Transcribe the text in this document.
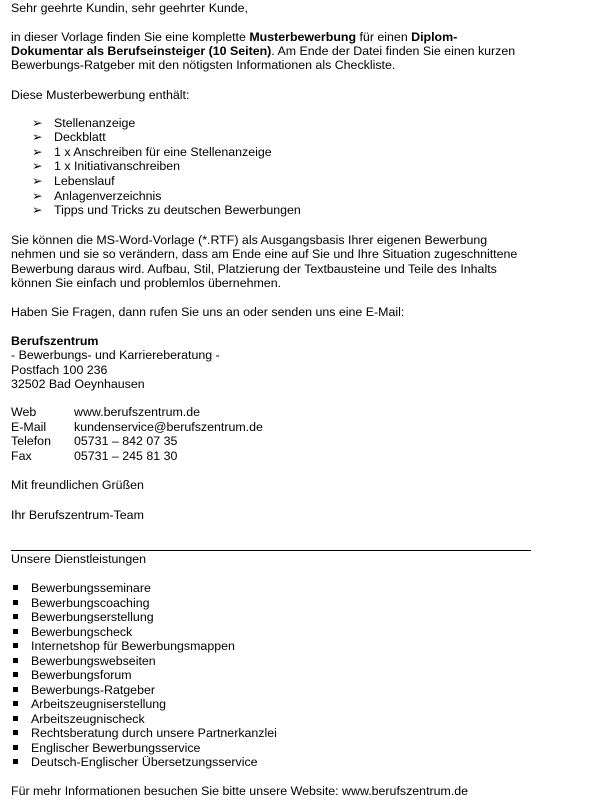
Sehr geehrte Kundin, sehr geehrter Kunde,
in dieser Vorlage finden Sie eine komplette Musterbewerbung für einen Diplom-
Dokumentar als Berufseinsteiger (10 Seiten). Am Ende der Datei finden Sie einen kurzen
Bewerbungs-Ratgeber mit den nötigsten Informationen als Checkliste.
Diese Musterbewerbung enthält:
➢ Stellenanzeige
➢ Deckblatt
➢ 1 x Anschreiben für eine Stellenanzeige
➢ 1 x Initiativanschreiben
➢ Lebenslauf
➢ Anlagenverzeichnis
➢ Tipps und Tricks zu deutschen Bewerbungen
Sie können die MS-Word-Vorlage (*.RTF) als Ausgangsbasis Ihrer eigenen Bewerbung
nehmen und sie so verändern, dass am Ende eine auf Sie und Ihre Situation zugeschnittene
Bewerbung daraus wird. Aufbau, Stil, Platzierung der Textbausteine und Teile des Inhalts
können Sie einfach und problemlos übernehmen.
Haben Sie Fragen, dann rufen Sie uns an oder senden uns eine E-Mail:
Berufszentrum
- Bewerbungs- und Karriereberatung -
Postfach 100 236
32502 Bad Oeynhausen
Web	www.berufszentrum.de
E-Mail kundenservice@berufszentrum.de
Telefon 05731 – 842 07 35
Fax	05731 – 245 81 30
Mit freundlichen Grüßen
Ihr Berufszentrum-Team
Unsere Dienstleistungen
Bewerbungsseminare
Bewerbungscoaching
Bewerbungserstellung
Bewerbungscheck
Internetshop für Bewerbungsmappen
Bewerbungswebseiten
Bewerbungsforum
Bewerbungs-Ratgeber
Arbeitszeugniserstellung
Arbeitszeugnischeck
Rechtsberatung durch unsere Partnerkanzlei
Englischer Bewerbungsservice
Deutsch-Englischer Übersetzungsservice
Für mehr Informationen besuchen Sie bitte unsere Website: www.berufszentrum.de
